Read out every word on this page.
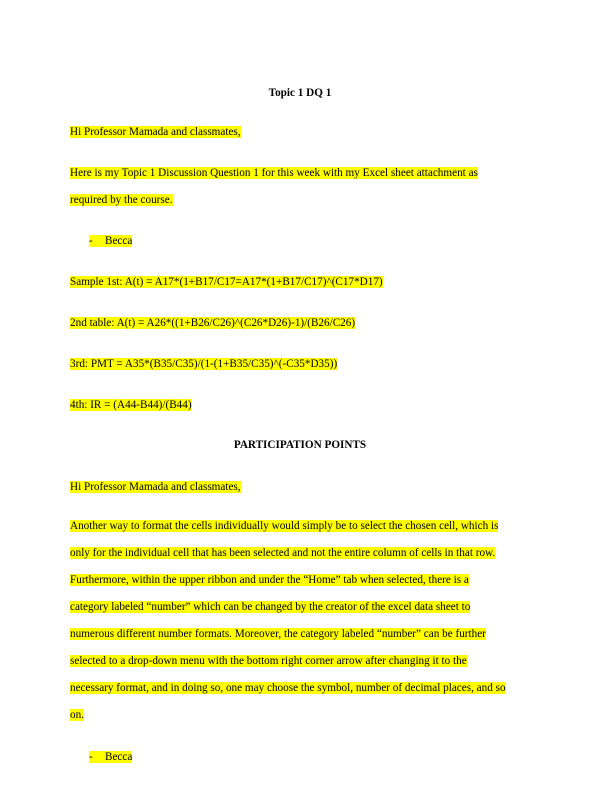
Topic 1 DQ 1
Hi Professor Mamada and classmates,
Here is my Topic 1 Discussion Question 1 for this week with my Excel sheet attachment as
required by the course.
- Becca
Sample 1st: A(t) = A17*(1+B17/C17=A17*(1+B17/C17)^(C17*D17)
2nd table: A(t) = A26*((1+B26/C26)^(C26*D26)-1)/(B26/C26)
3rd: PMT = A35*(B35/C35)/(1-(1+B35/C35)^(-C35*D35))
4th: IR = (A44-B44)/(B44)
PARTICIPATION POINTS
Hi Professor Mamada and classmates,
Another way to format the cells individually would simply be to select the chosen cell, which is
only for the individual cell that has been selected and not the entire column of cells in that row.
Furthermore, within the upper ribbon and under the “Home” tab when selected, there is a
category labeled “number” which can be changed by the creator of the excel data sheet to
numerous different number formats. Moreover, the category labeled “number” can be further
selected to a drop-down menu with the bottom right corner arrow after changing it to the
necessary format, and in doing so, one may choose the symbol, number of decimal places, and so
on.
- Becca
